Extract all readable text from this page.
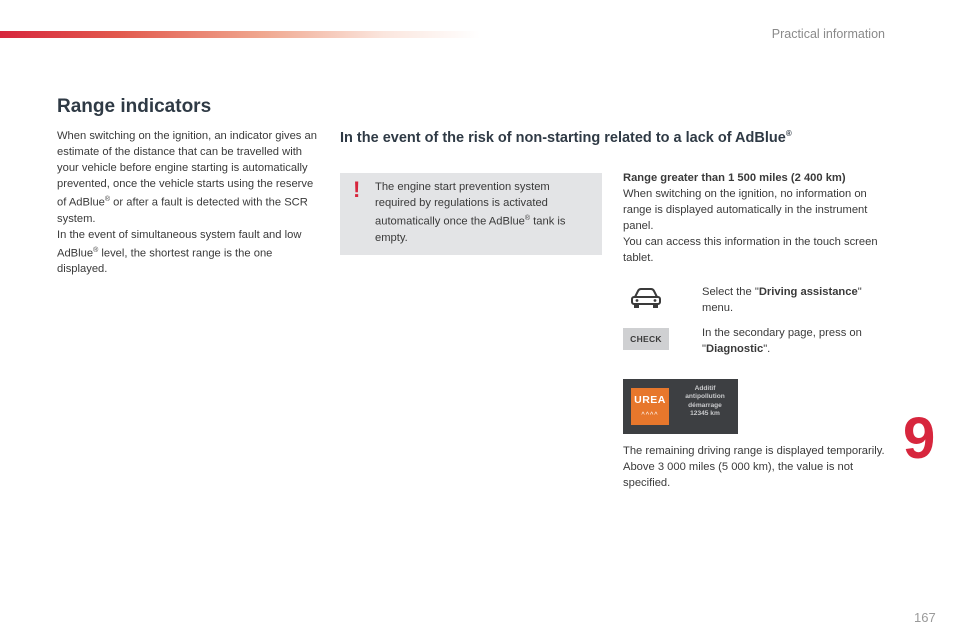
Practical information
Range indicators

When switching on the ignition, an indicator gives an estimate of the distance that can be travelled with your vehicle before engine starting is automatically prevented, once the vehicle starts using the reserve of AdBlue® or after a fault is detected with the SCR system.

In the event of simultaneous system fault and low AdBlue® level, the shortest range is the one displayed.

In the event of the risk of non-starting related to a lack of AdBlue®
! The engine start prevention system required by regulations is activated automatically once the AdBlue® tank is empty.

Range greater than 1 500 miles (2 400 km)

When switching on the ignition, no information on range is displayed automatically in the instrument panel.

You can access this information in the touch screen tablet.

Select the "Driving assistance" menu.
CHECK	In the secondary page, press on "Diagnostic".
UREA
^^^^
Additif
antipollution
démarrage
12345 km

The remaining driving range is displayed temporarily.

Above 3 000 miles (5 000 km), the value is not specified.

9
167
